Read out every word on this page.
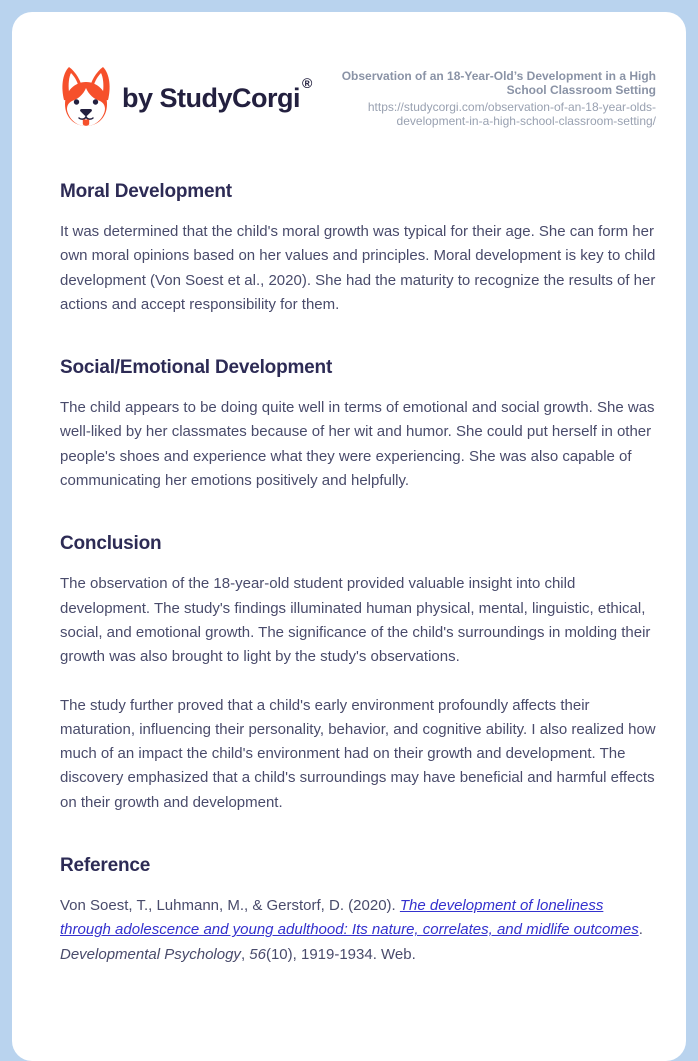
by StudyCorgi ®	Observation of an 18-Year-Old’s Development in a High School Classroom Setting
https://studycorgi.com/observation-of-an-18-year-olds-development-in-a-high-school-classroom-setting/
Moral Development

It was determined that the child's moral growth was typical for their age. She can form her own moral opinions based on her values and principles. Moral development is key to child development (Von Soest et al., 2020). She had the maturity to recognize the results of her actions and accept responsibility for them.

Social/Emotional Development

The child appears to be doing quite well in terms of emotional and social growth. She was well-liked by her classmates because of her wit and humor. She could put herself in other people's shoes and experience what they were experiencing. She was also capable of communicating her emotions positively and helpfully.

Conclusion

The observation of the 18-year-old student provided valuable insight into child development. The study's findings illuminated human physical, mental, linguistic, ethical, social, and emotional growth. The significance of the child's surroundings in molding their growth was also brought to light by the study's observations.

The study further proved that a child's early environment profoundly affects their maturation, influencing their personality, behavior, and cognitive ability. I also realized how much of an impact the child's environment had on their growth and development. The discovery emphasized that a child's surroundings may have beneficial and harmful effects on their growth and development.

Reference

Von Soest, T., Luhmann, M., & Gerstorf, D. (2020). The development of loneliness through adolescence and young adulthood: Its nature, correlates, and midlife outcomes. Developmental Psychology, 56(10), 1919-1934. Web.
